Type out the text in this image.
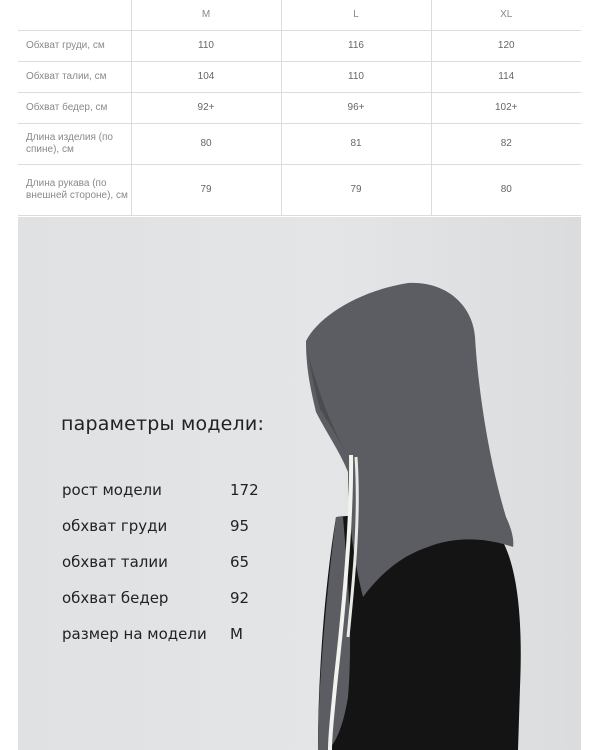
	M	L	XL
Обхват груди, см	110	116	120
Обхват талии, см	104	110	114
Обхват бедер, см	92+	96+	102+
Длина изделия (по спине), см	80	81	82
Длина рукава (по внешней стороне), см	79	79	80
параметры модели:
рост модели	172
обхват груди	95
обхват талии	65
обхват бедер	92
размер на модели M
